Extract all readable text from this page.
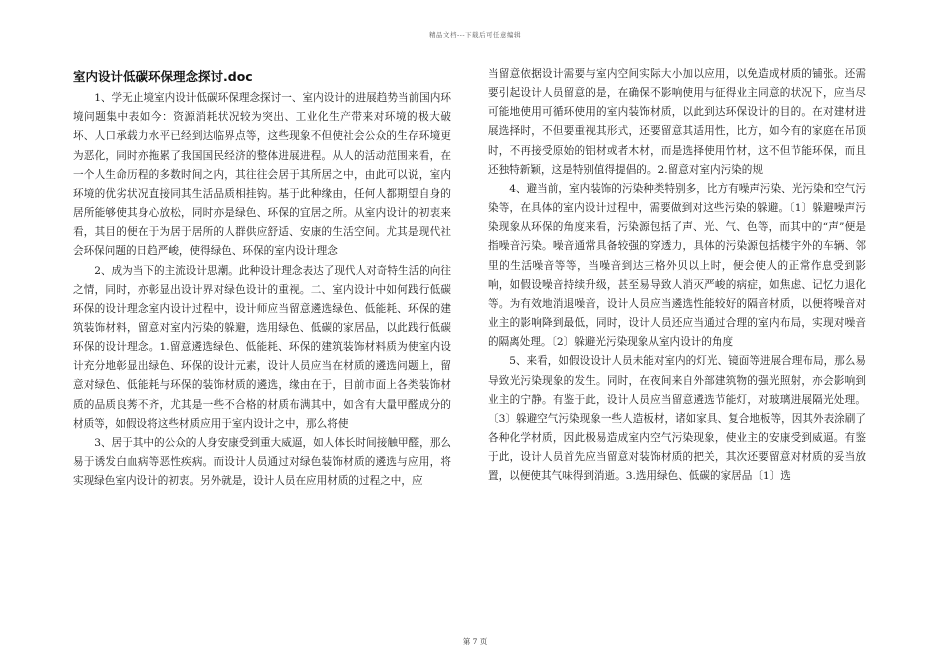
精品文档---下载后可任意编辑
室内设计低碳环保理念探讨.doc

1、学无止境室内设计低碳环保理念探讨一、室内设计的进展趋势当前国内环境问题集中表如今：资源消耗状况较为突出、工业化生产带来对环境的极大破坏、人口承载力水平已经到达临界点等，这些现象不但使社会公众的生存环境更为恶化，同时亦拖累了我国国民经济的整体进展进程。从人的活动范围来看，在一个人生命历程的多数时间之内，其往往会居于其所居之中，由此可以说，室内环境的优劣状况直接同其生活品质相挂钩。基于此种缘由，任何人都期望自身的居所能够使其身心放松，同时亦是绿色、环保的宜居之所。从室内设计的初衷来看，其目的便在于为居于居所的人群供应舒适、安康的生活空间。尤其是现代社会环保问题的日趋严峻，使得绿色、环保的室内设计理念

2、成为当下的主流设计思潮。此种设计理念表达了现代人对奇特生活的向往之情，同时，亦彰显出设计界对绿色设计的重视。二、室内设计中如何践行低碳环保的设计理念室内设计过程中，设计师应当留意遴选绿色、低能耗、环保的建筑装饰材料，留意对室内污染的躲避，选用绿色、低碳的家居品，以此践行低碳环保的设计理念。1.留意遴选绿色、低能耗、环保的建筑装饰材料质为使室内设计充分地彰显出绿色、环保的设计元素，设计人员应当在材质的遴选问题上，留意对绿色、低能耗与环保的装饰材质的遴选，缘由在于，目前市面上各类装饰材质的品质良莠不齐，尤其是一些不合格的材质布满其中，如含有大量甲醛成分的材质等，如假设将这些材质应用于室内设计之中，那么将使

3、居于其中的公众的人身安康受到重大威逼，如人体长时间接触甲醛，那么易于诱发白血病等恶性疾病。而设计人员通过对绿色装饰材质的遴选与应用，将实现绿色室内设计的初衷。另外就是，设计人员在应用材质的过程之中，应

当留意依据设计需要与室内空间实际大小加以应用，以免造成材质的铺张。还需要引起设计人员留意的是，在确保不影响使用与征得业主同意的状况下，应当尽可能地使用可循环使用的室内装饰材质，以此到达环保设计的目的。在对建材进展选择时，不但要重视其形式，还要留意其适用性，比方，如今有的家庭在吊顶时，不再接受原始的铝材或者木材，而是选择使用竹材，这不但节能环保，而且还独特新颖，这是特别值得提倡的。2.留意对室内污染的规

4、避当前，室内装饰的污染种类特别多，比方有噪声污染、光污染和空气污染等，在具体的室内设计过程中，需要做到对这些污染的躲避。〔1〕躲避噪声污染现象从环保的角度来看，污染源包括了声、光、气、色等，而其中的“声”便是指噪音污染。噪音通常具备较强的穿透力，具体的污染源包括楼宇外的车辆、邻里的生活噪音等等，当噪音到达三格外贝以上时，便会使人的正常作息受到影响，如假设噪音持续升级，甚至易导致人消灭严峻的病症，如焦虑、记忆力退化等。为有效地消退噪音，设计人员应当遴选性能较好的隔音材质，以便将噪音对业主的影响降到最低，同时，设计人员还应当通过合理的室内布局，实现对噪音的隔离处理。〔2〕躲避光污染现象从室内设计的角度

5、来看，如假设设计人员未能对室内的灯光、镜面等进展合理布局，那么易导致光污染现象的发生。同时，在夜间来自外部建筑物的强光照射，亦会影响到业主的宁静。有鉴于此，设计人员应当留意遴选节能灯，对玻璃进展隔光处理。〔3〕躲避空气污染现象一些人造板材，诸如家具、复合地板等，因其外表涂刷了各种化学材质，因此极易造成室内空气污染现象，使业主的安康受到威逼。有鉴于此，设计人员首先应当留意对装饰材质的把关，其次还要留意对材质的妥当放置，以便使其气味得到消逝。3.选用绿色、低碳的家居品〔1〕选

第 7 页
